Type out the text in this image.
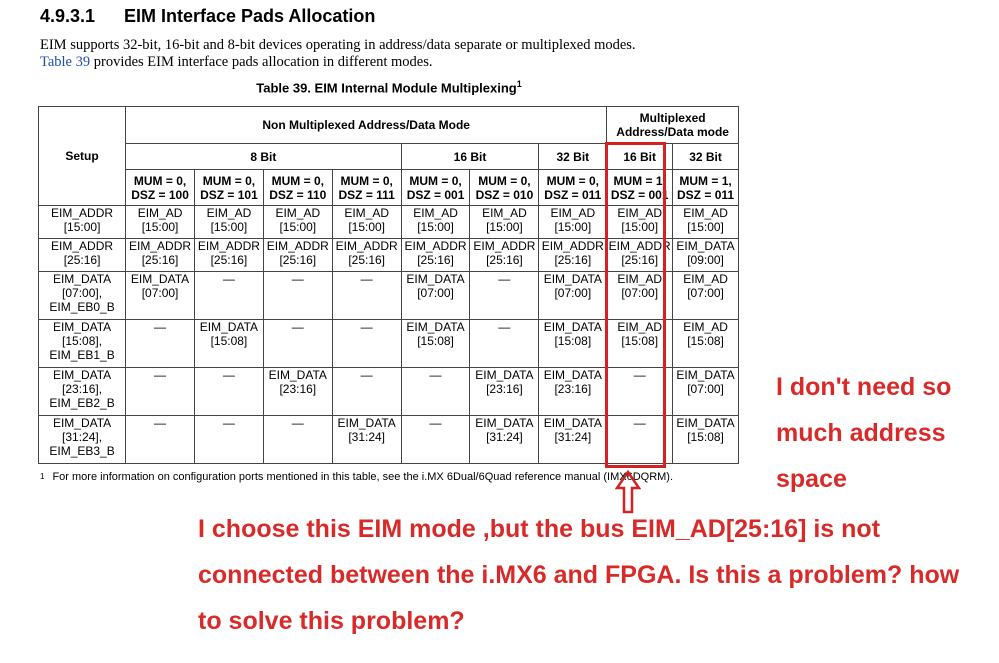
4.9.3.1 EIM Interface Pads Allocation
EIM supports 32-bit, 16-bit and 8-bit devices operating in address/data separate or multiplexed modes.
Table 39 provides EIM interface pads allocation in different modes.
Table 39. EIM Internal Module Multiplexing$^1$
Setup	Non Multiplexed Address/Data Mode							Multiplexed Address/Data mode	
	8 Bit				16 Bit		32 Bit	16 Bit	32 Bit
	MUM = 0, DSZ = 100	MUM = 0, DSZ = 101	MUM = 0, DSZ = 110	MUM = 0, DSZ = 111	MUM = 0, DSZ = 001	MUM = 0, DSZ = 010	MUM = 0, DSZ = 011	MUM = 1, DSZ = 001	MUM = 1, DSZ = 011
EIM_ADDR [15:00]	EIM_AD [15:00]	EIM_AD [15:00]	EIM_AD [15:00]	EIM_AD [15:00]	EIM_AD [15:00]	EIM_AD [15:00]	EIM_AD [15:00]	EIM_AD [15:00]	EIM_AD [15:00]
EIM_ADDR [25:16]	EIM_ADDR [25:16]	EIM_ADDR [25:16]	EIM_ADDR [25:16]	EIM_ADDR [25:16]	EIM_ADDR [25:16]	EIM_ADDR [25:16]	EIM_ADDR [25:16]	EIM_ADDR [25:16]	EIM_DATA [09:00]
EIM_DATA [07:00], EIM_EB0_B	EIM_DATA [07:00]	—	—	—	EIM_DATA [07:00]	—	EIM_DATA [07:00]	EIM_AD [07:00]	EIM_AD [07:00]
EIM_DATA [15:08], EIM_EB1_B	—	EIM_DATA [15:08]	—	—	EIM_DATA [15:08]	—	EIM_DATA [15:08]	EIM_AD [15:08]	EIM_AD [15:08]
EIM_DATA [23:16], EIM_EB2_B	—	—	EIM_DATA [23:16]	—	—	EIM_DATA [23:16]	EIM_DATA [23:16]	—	EIM_DATA [07:00]
EIM_DATA [31:24], EIM_EB3_B	—	—	—	EIM_DATA [31:24]	—	EIM_DATA [31:24]	EIM_DATA [31:24]	—	EIM_DATA [15:08]
$^1$ For more information on configuration ports mentioned in this table, see the i.MX 6Dual/6Quad reference manual (IMX6DQRM).
I don't need so much address space
I choose this EIM mode ,but the bus EIM_AD[25:16] is not connected between the i.MX6 and FPGA. Is this a problem? how to solve this problem?
